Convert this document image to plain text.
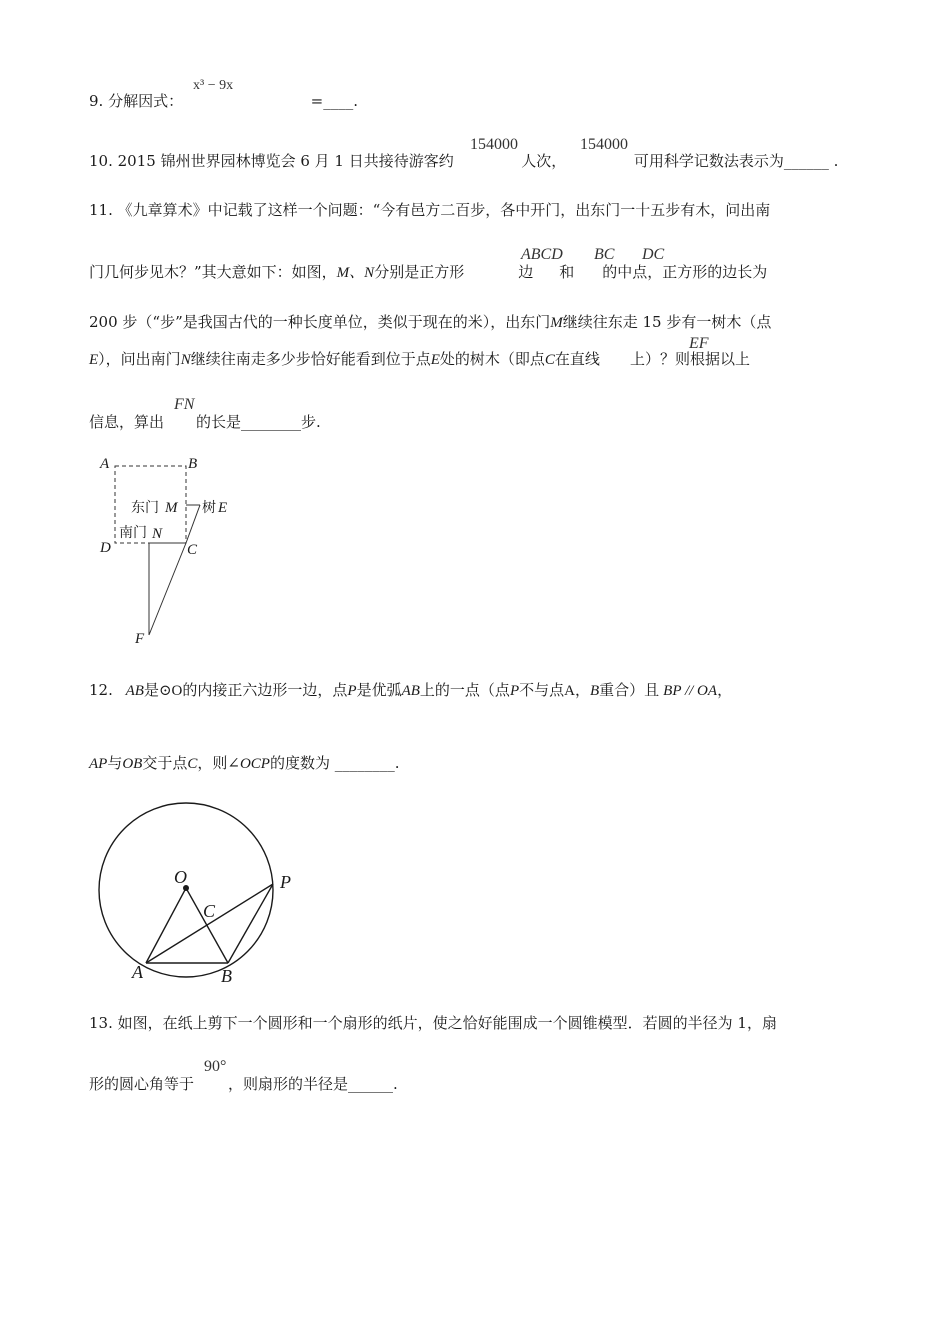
9. 分解因式：	=____.
x³ − 9x
10. 2015 锦州世界园林博览会 6 月 1 日共接待游客约	人次，	可用科学记数法表示为______ .
154000	154000
11. 《九章算术》中记载了这样一个问题：“今有邑方二百步，各中开门，出东门一十五步有木，问出南
门几何步见木？”其大意如下：如图，M、N分别是正方形	边 和 的中点，正方形的边长为
ABCD BC DC
200 步（“步”是我国古代的一种长度单位，类似于现在的米），出东门M继续往东走 15 步有一树木（点
E），问出南门N继续往南走多少步恰好能看到位于点E处的树木（即点C在直线 上）？则根据以上
EF
信息，算出 的长是________步.
FN
A	B
D	C
F
N
M	E
东门
南门
树
12. AB是⊙O的内接正六边形一边，点P是优弧AB上的一点（点P不与点A，B重合）且 BP // OA，
AP与OB交于点C，则∠OCP的度数为 ________.
O
C
P
A	B
13. 如图，在纸上剪下一个圆形和一个扇形的纸片，使之恰好能围成一个圆锥模型．若圆的半径为 1，扇
形的圆心角等于 ，则扇形的半径是______.
90°
